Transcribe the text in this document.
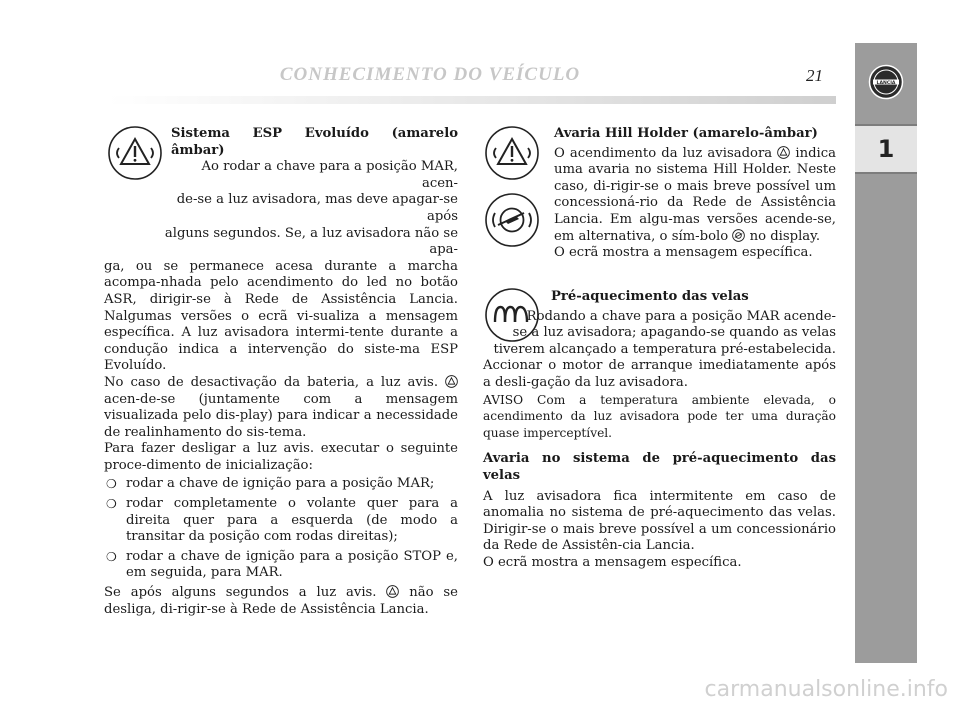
CONHECIMENTO DO VEÍCULO	21	LANCIA
1

Sistema ESP Evoluído (amarelo âmbar)

Ao rodar a chave para a posição MAR, acen-

de-se a luz avisadora, mas deve apagar-se após

alguns segundos. Se, a luz avisadora não se apa-

ga, ou se permanece acesa durante a marcha acompa-nhada pelo acendimento do led no botão ASR, dirigir-se à Rede de Assistência Lancia. Nalgumas versões o ecrã vi-sualiza a mensagem específica. A luz avisadora intermi-tente durante a condução indica a intervenção do siste-ma ESP Evoluído.

No caso de desactivação da bateria, a luz avis.  acen-de-se (juntamente com a mensagem visualizada pelo dis-play) para indicar a necessidade de realinhamento do sis-tema.

Para fazer desligar a luz avis. executar o seguinte proce-dimento de inicialização:

❍ rodar a chave de ignição para a posição MAR;
❍ rodar completamente o volante quer para a direita quer para a esquerda (de modo a transitar da posição com rodas direitas);
❍ rodar a chave de ignição para a posição STOP e, em seguida, para MAR.

Se após alguns segundos a luz avis. não se desliga, di-rigir-se à Rede de Assistência Lancia.

Avaria Hill Holder (amarelo-âmbar)

O acendimento da luz avisadora indica uma avaria no sistema Hill Holder. Neste caso, di-rigir-se o mais breve possível um concessioná-rio da Rede de Assistência Lancia. Em algu-mas versões acende-se, em alternativa, o sím-bolo no display.

O ecrã mostra a mensagem específica.

Pré-aquecimento das velas

Rodando a chave para a posição MAR acende-

se a luz avisadora; apagando-se quando as velas

tiverem alcançado a temperatura pré-estabelecida.

Accionar o motor de arranque imediatamente após a desli-gação da luz avisadora.

AVISO Com a temperatura ambiente elevada, o acendimento da luz avisadora pode ter uma duração quase imperceptível.

Avaria no sistema de pré-aquecimento das velas

A luz avisadora fica intermitente em caso de anomalia no sistema de pré-aquecimento das velas. Dirigir-se o mais breve possível a um concessionário da Rede de Assistên-cia Lancia.

O ecrã mostra a mensagem específica.

carmanualsonline.info
